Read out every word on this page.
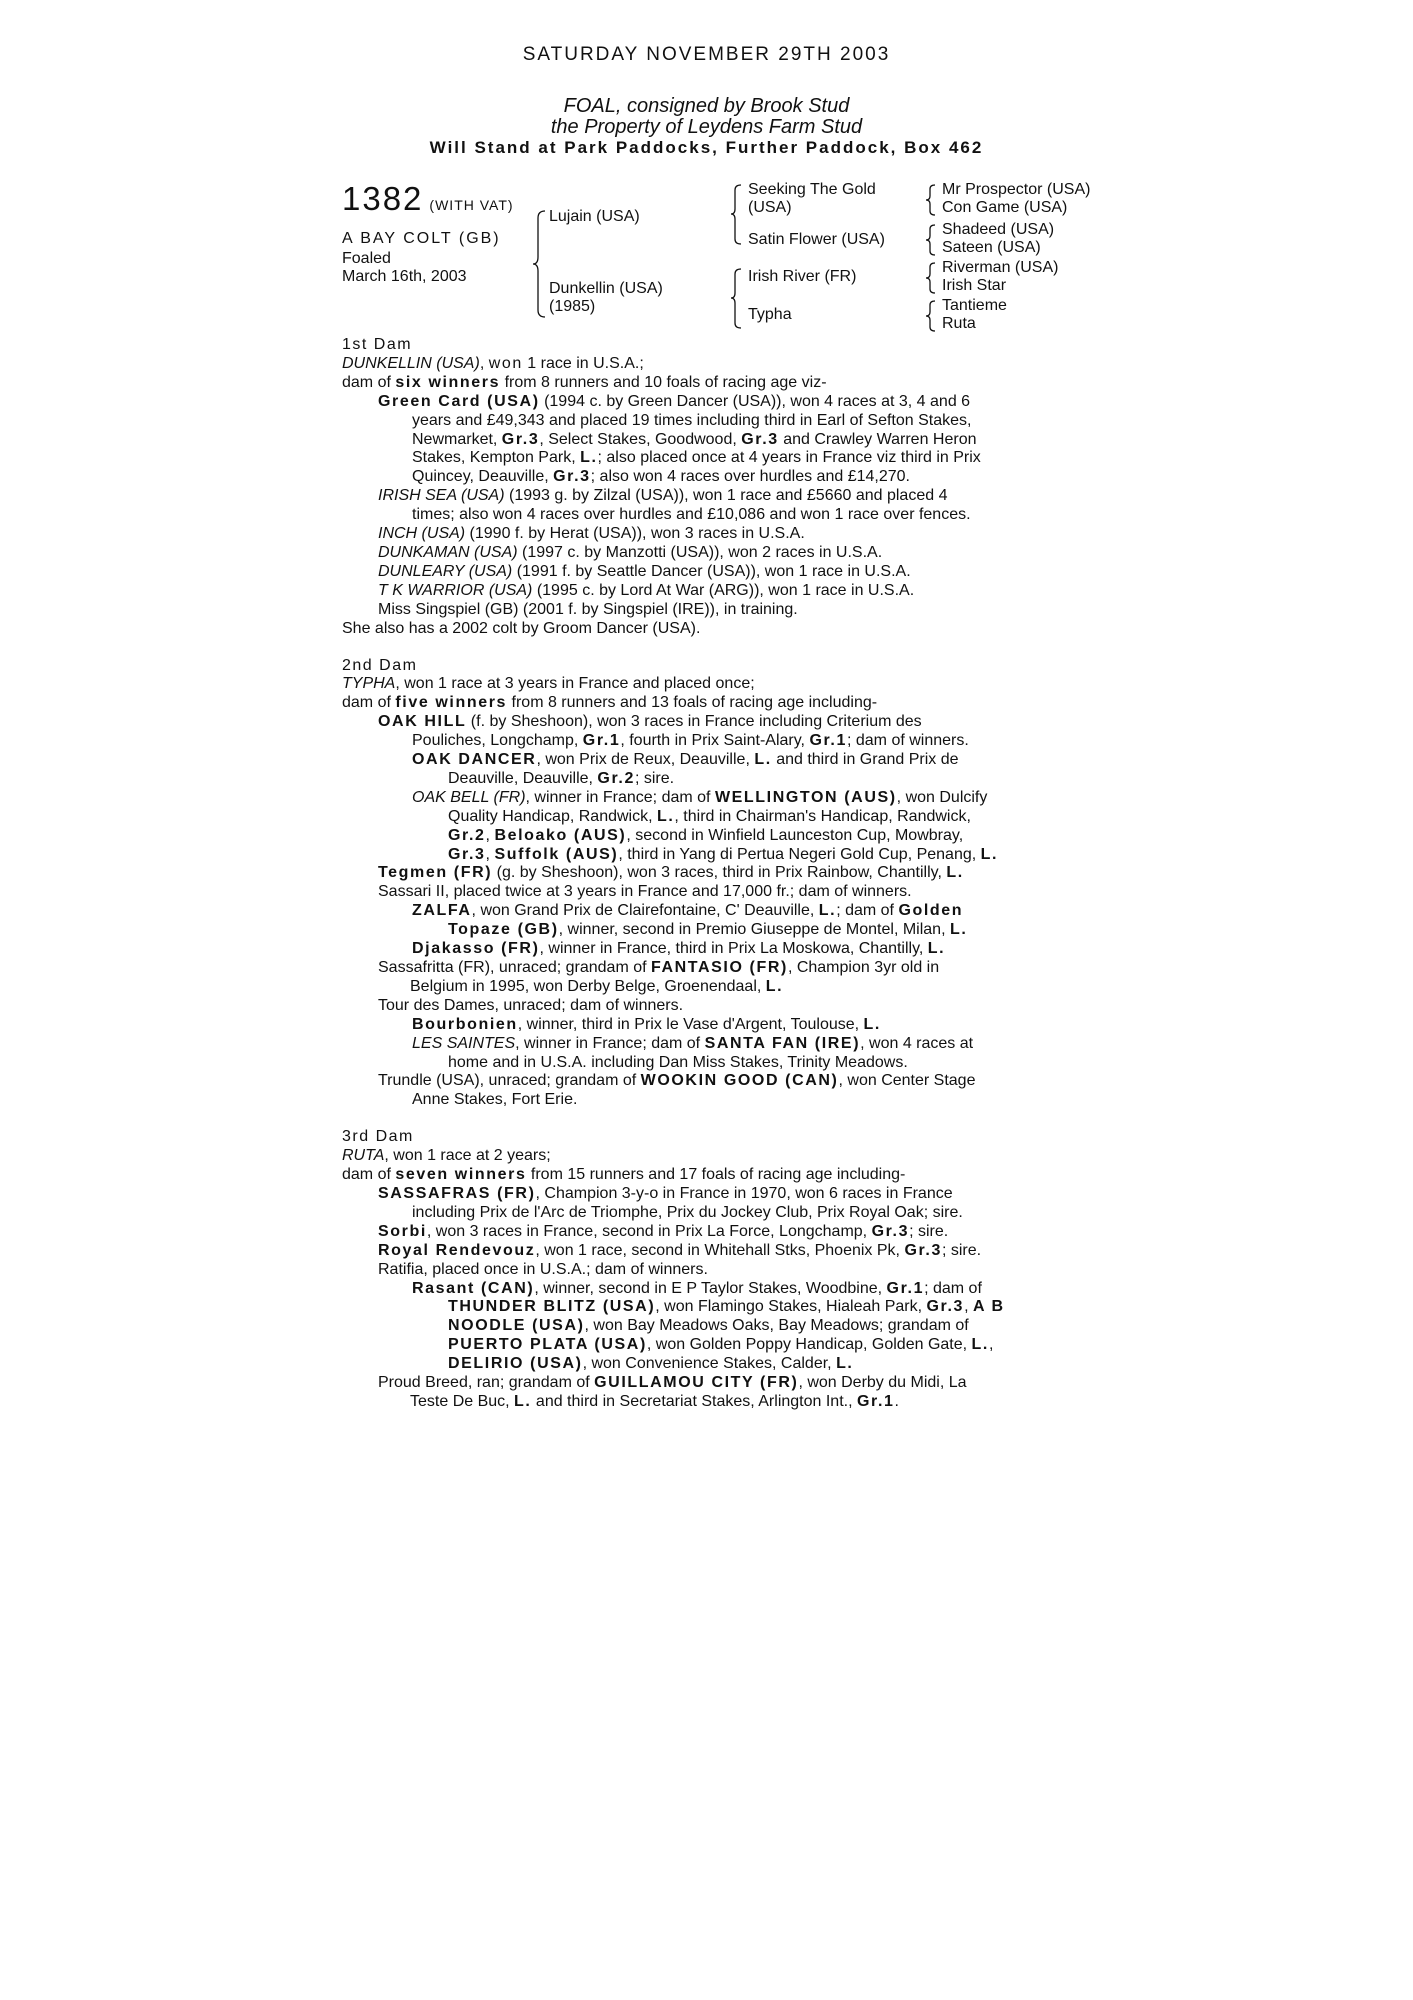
SATURDAY NOVEMBER 29TH 2003
FOAL, consigned by Brook Stud
the Property of Leydens Farm Stud
Will Stand at Park Paddocks, Further Paddock, Box 462
1382 (WITH VAT)
A BAY COLT (GB)
Foaled
March 16th, 2003
Lujain (USA)
Dunkellin (USA)
(1985)
Seeking The Gold
(USA)
Satin Flower (USA)
Irish River (FR)
Typha
Mr Prospector (USA)
Con Game (USA)
Shadeed (USA)
Sateen (USA)
Riverman (USA)
Irish Star
Tantieme
Ruta
1st Dam
DUNKELLIN (USA), won 1 race in U.S.A.;
dam of six winners from 8 runners and 10 foals of racing age viz-
Green Card (USA) (1994 c. by Green Dancer (USA)), won 4 races at 3, 4 and 6
years and £49,343 and placed 19 times including third in Earl of Sefton Stakes,
Newmarket, Gr.3, Select Stakes, Goodwood, Gr.3 and Crawley Warren Heron
Stakes, Kempton Park, L.; also placed once at 4 years in France viz third in Prix
Quincey, Deauville, Gr.3; also won 4 races over hurdles and £14,270.
IRISH SEA (USA) (1993 g. by Zilzal (USA)), won 1 race and £5660 and placed 4
times; also won 4 races over hurdles and £10,086 and won 1 race over fences.
INCH (USA) (1990 f. by Herat (USA)), won 3 races in U.S.A.
DUNKAMAN (USA) (1997 c. by Manzotti (USA)), won 2 races in U.S.A.
DUNLEARY (USA) (1991 f. by Seattle Dancer (USA)), won 1 race in U.S.A.
T K WARRIOR (USA) (1995 c. by Lord At War (ARG)), won 1 race in U.S.A.
Miss Singspiel (GB) (2001 f. by Singspiel (IRE)), in training.
She also has a 2002 colt by Groom Dancer (USA).
2nd Dam
TYPHA, won 1 race at 3 years in France and placed once;
dam of five winners from 8 runners and 13 foals of racing age including-
OAK HILL (f. by Sheshoon), won 3 races in France including Criterium des
Pouliches, Longchamp, Gr.1, fourth in Prix Saint-Alary, Gr.1; dam of winners.
OAK DANCER, won Prix de Reux, Deauville, L. and third in Grand Prix de
Deauville, Deauville, Gr.2; sire.
OAK BELL (FR), winner in France; dam of WELLINGTON (AUS), won Dulcify
Quality Handicap, Randwick, L., third in Chairman's Handicap, Randwick,
Gr.2, Beloako (AUS), second in Winfield Launceston Cup, Mowbray,
Gr.3, Suffolk (AUS), third in Yang di Pertua Negeri Gold Cup, Penang, L.
Tegmen (FR) (g. by Sheshoon), won 3 races, third in Prix Rainbow, Chantilly, L.
Sassari II, placed twice at 3 years in France and 17,000 fr.; dam of winners.
ZALFA, won Grand Prix de Clairefontaine, C' Deauville, L.; dam of Golden
Topaze (GB), winner, second in Premio Giuseppe de Montel, Milan, L.
Djakasso (FR), winner in France, third in Prix La Moskowa, Chantilly, L.
Sassafritta (FR), unraced; grandam of FANTASIO (FR), Champion 3yr old in
Belgium in 1995, won Derby Belge, Groenendaal, L.
Tour des Dames, unraced; dam of winners.
Bourbonien, winner, third in Prix le Vase d'Argent, Toulouse, L.
LES SAINTES, winner in France; dam of SANTA FAN (IRE), won 4 races at
home and in U.S.A. including Dan Miss Stakes, Trinity Meadows.
Trundle (USA), unraced; grandam of WOOKIN GOOD (CAN), won Center Stage
Anne Stakes, Fort Erie.
3rd Dam
RUTA, won 1 race at 2 years;
dam of seven winners from 15 runners and 17 foals of racing age including-
SASSAFRAS (FR), Champion 3-y-o in France in 1970, won 6 races in France
including Prix de l'Arc de Triomphe, Prix du Jockey Club, Prix Royal Oak; sire.
Sorbi, won 3 races in France, second in Prix La Force, Longchamp, Gr.3; sire.
Royal Rendevouz, won 1 race, second in Whitehall Stks, Phoenix Pk, Gr.3; sire.
Ratifia, placed once in U.S.A.; dam of winners.
Rasant (CAN), winner, second in E P Taylor Stakes, Woodbine, Gr.1; dam of
THUNDER BLITZ (USA), won Flamingo Stakes, Hialeah Park, Gr.3, A B
NOODLE (USA), won Bay Meadows Oaks, Bay Meadows; grandam of
PUERTO PLATA (USA), won Golden Poppy Handicap, Golden Gate, L.,
DELIRIO (USA), won Convenience Stakes, Calder, L.
Proud Breed, ran; grandam of GUILLAMOU CITY (FR), won Derby du Midi, La
Teste De Buc, L. and third in Secretariat Stakes, Arlington Int., Gr.1.
